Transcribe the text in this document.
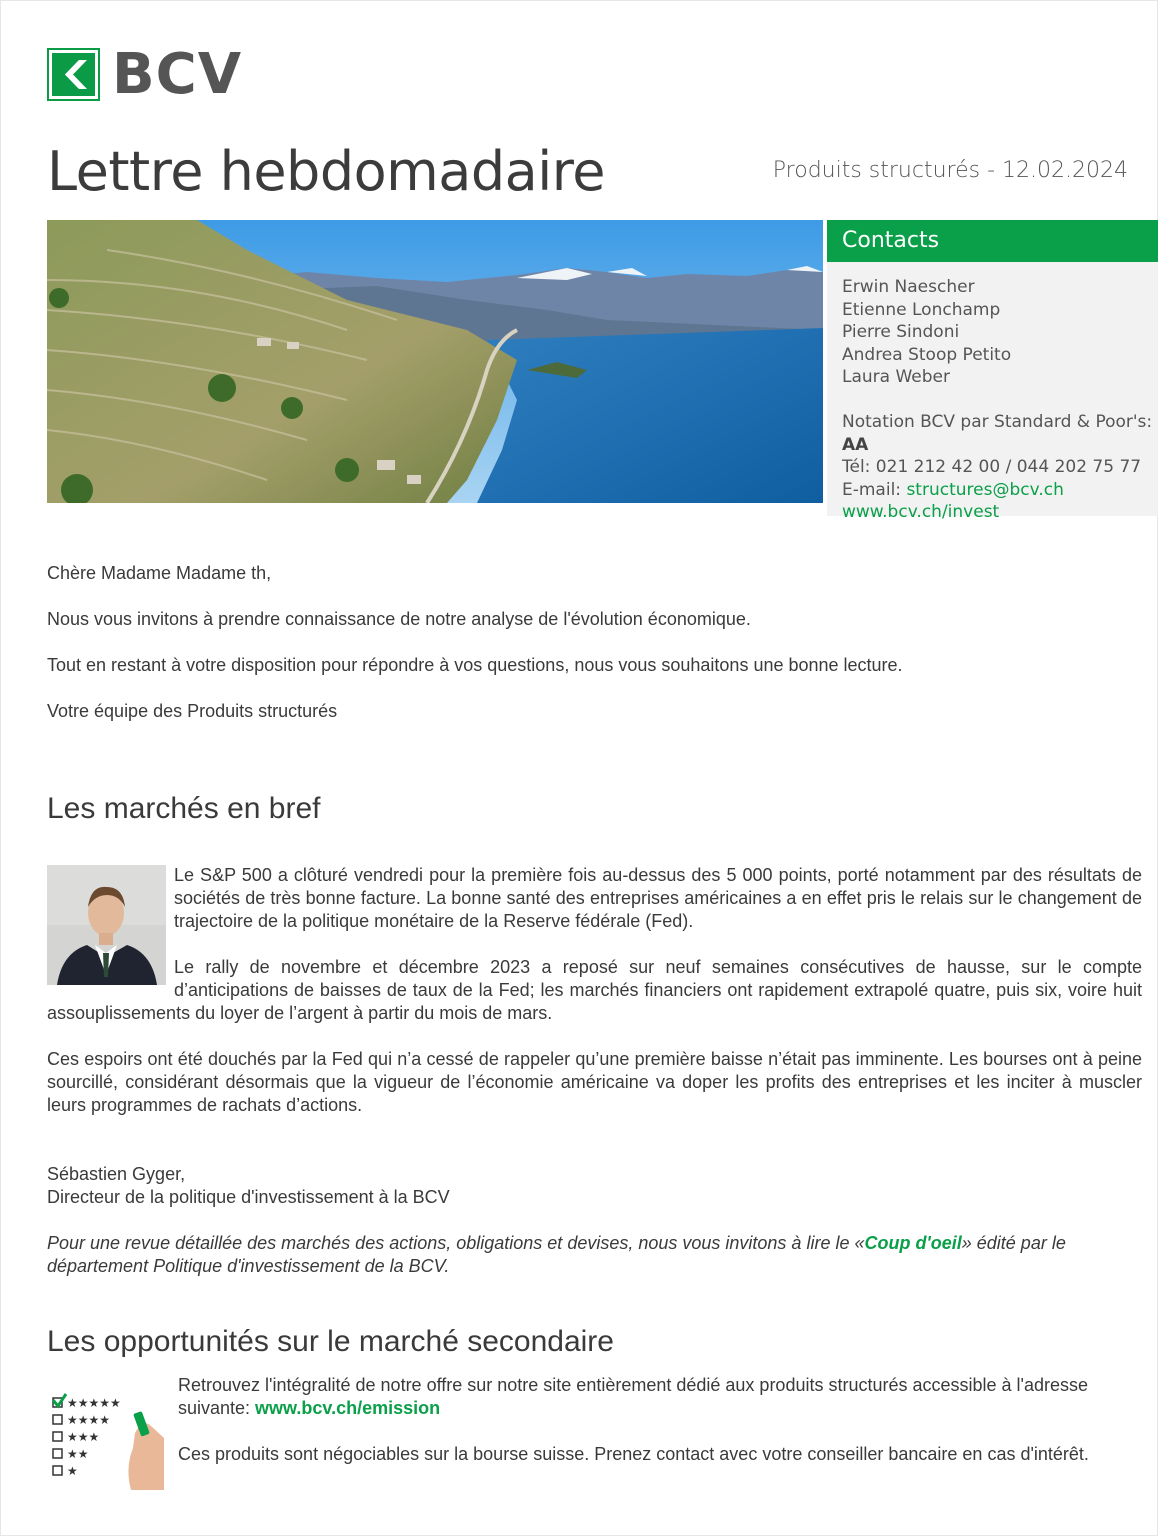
BCV
Lettre hebdomadaire	Produits structurés - 12.02.2024
Contacts
Erwin Naescher
Etienne Lonchamp
Pierre Sindoni
Andrea Stoop Petito
Laura Weber
Notation BCV par Standard & Poor's: AA
Tél: 021 212 42 00 / 044 202 75 77
E-mail: structures@bcv.ch
www.bcv.ch/invest

Chère Madame Madame th,

Nous vous invitons à prendre connaissance de notre analyse de l'évolution économique.

Tout en restant à votre disposition pour répondre à vos questions, nous vous souhaitons une bonne lecture.

Votre équipe des Produits structurés

Les marchés en bref

Le S&P 500 a clôturé vendredi pour la première fois au-dessus des 5 000 points, porté notamment par des résultats de sociétés de très bonne facture. La bonne santé des entreprises américaines a en effet pris le relais sur le changement de trajectoire de la politique monétaire de la Reserve fédérale (Fed).

Le rally de novembre et décembre 2023 a reposé sur neuf semaines consécutives de hausse, sur le compte d’anticipations de baisses de taux de la Fed; les marchés financiers ont rapidement extrapolé quatre, puis six, voire huit assouplissements du loyer de l’argent à partir du mois de mars.

Ces espoirs ont été douchés par la Fed qui n’a cessé de rappeler qu’une première baisse n’était pas imminente. Les bourses ont à peine sourcillé, considérant désormais que la vigueur de l’économie américaine va doper les profits des entreprises et les inciter à muscler leurs programmes de rachats d’actions.

Sébastien Gyger,
Directeur de la politique d'investissement à la BCV
Pour une revue détaillée des marchés des actions, obligations et devises, nous vous invitons à lire le «Coup d'oeil» édité par le département Politique d'investissement de la BCV.
Les opportunités sur le marché secondaire
★★★★★
★★★★
★★★
★★
★

Retrouvez l'intégralité de notre offre sur notre site entièrement dédié aux produits structurés accessible à l'adresse suivante: www.bcv.ch/emission

Ces produits sont négociables sur la bourse suisse. Prenez contact avec votre conseiller bancaire en cas d'intérêt.
